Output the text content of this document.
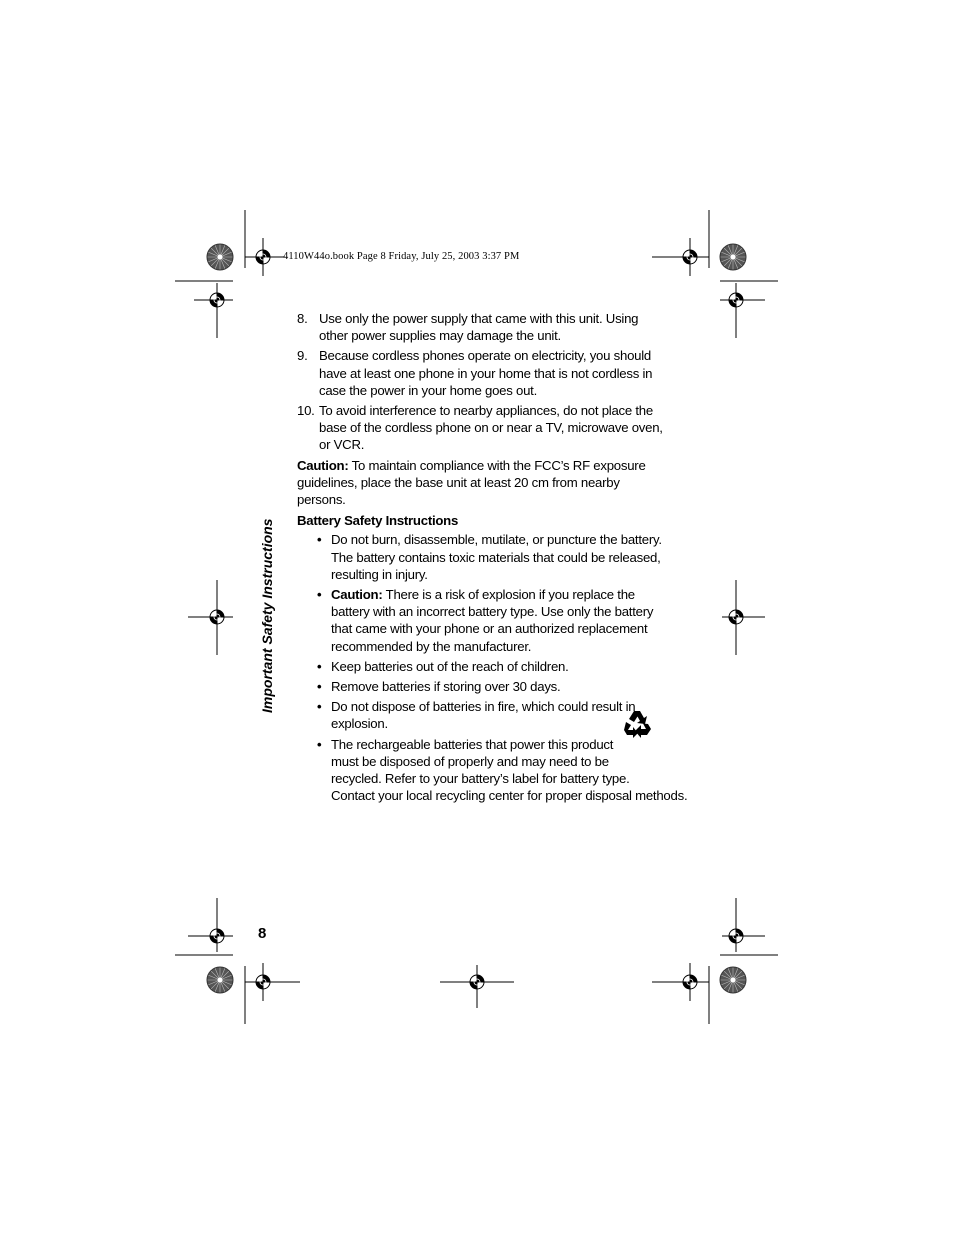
4110W44o.book Page 8 Friday, July 25, 2003 3:37 PM
Important Safety Instructions
8
8. Use only the power supply that came with this unit. Using other power supplies may damage the unit.
9. Because cordless phones operate on electricity, you should have at least one phone in your home that is not cordless in case the power in your home goes out.
10. To avoid interference to nearby appliances, do not place the base of the cordless phone on or near a TV, microwave oven, or VCR.
Caution: To maintain compliance with the FCC’s RF exposure guidelines, place the base unit at least 20 cm from nearby persons.
Battery Safety Instructions
• Do not burn, disassemble, mutilate, or puncture the battery. The battery contains toxic materials that could be released, resulting in injury.
• Caution: There is a risk of explosion if you replace the battery with an incorrect battery type. Use only the battery that came with your phone or an authorized replacement recommended by the manufacturer.
• Keep batteries out of the reach of children.
• Remove batteries if storing over 30 days.
• Do not dispose of batteries in fire, which could result in explosion.
• The rechargeable batteries that power this product
must be disposed of properly and may need to be
recycled. Refer to your battery’s label for battery type.
Contact your local recycling center for proper disposal methods.
